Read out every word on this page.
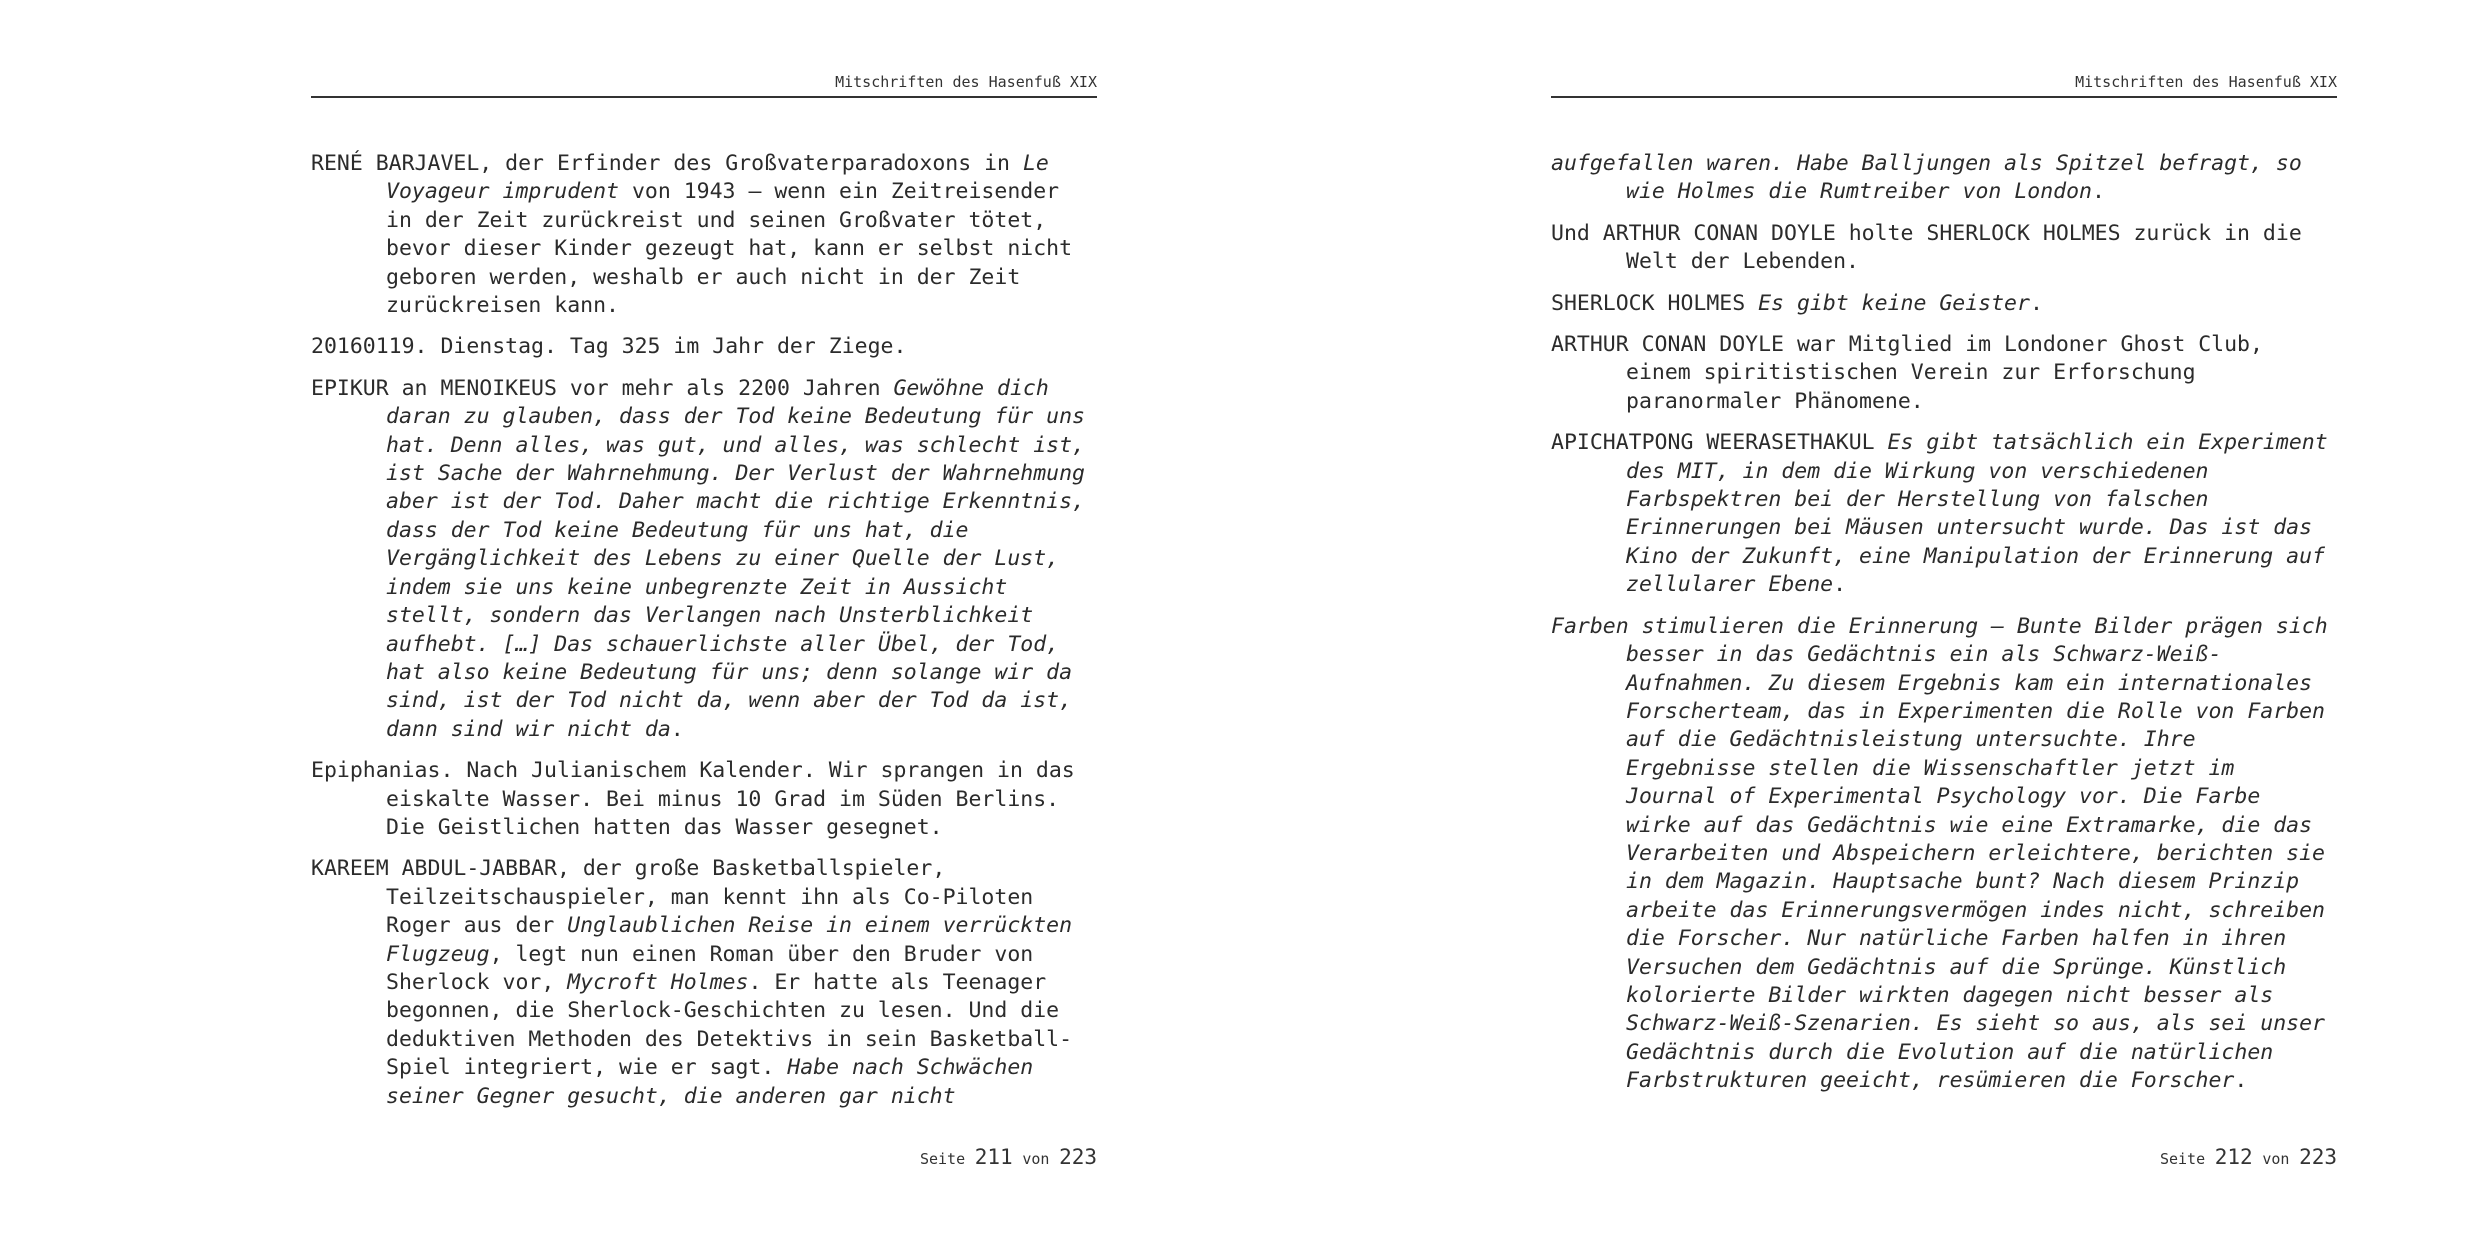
Mitschriften des Hasenfuß XIX

RENÉ BARJAVEL, der Erfinder des Großvaterparadoxons in Le Voyageur imprudent von 1943 – wenn ein Zeitreisender in der Zeit zurückreist und seinen Großvater tötet, bevor dieser Kinder gezeugt hat, kann er selbst nicht geboren werden, weshalb er auch nicht in der Zeit zurückreisen kann.

20160119. Dienstag. Tag 325 im Jahr der Ziege.

EPIKUR an MENOIKEUS vor mehr als 2200 Jahren Gewöhne dich daran zu glauben, dass der Tod keine Bedeutung für uns hat. Denn alles, was gut, und alles, was schlecht ist, ist Sache der Wahrnehmung. Der Verlust der Wahrnehmung aber ist der Tod. Daher macht die richtige Erkenntnis, dass der Tod keine Bedeutung für uns hat, die Vergänglichkeit des Lebens zu einer Quelle der Lust, indem sie uns keine unbegrenzte Zeit in Aussicht stellt, sondern das Verlangen nach Unsterblichkeit aufhebt. […] Das schauerlichste aller Übel, der Tod, hat also keine Bedeutung für uns; denn solange wir da sind, ist der Tod nicht da, wenn aber der Tod da ist, dann sind wir nicht da.

Epiphanias. Nach Julianischem Kalender. Wir sprangen in das eiskalte Wasser. Bei minus 10 Grad im Süden Berlins. Die Geistlichen hatten das Wasser gesegnet.

KAREEM ABDUL-JABBAR, der große Basketballspieler, Teilzeitschauspieler, man kennt ihn als Co-Piloten Roger aus der Unglaublichen Reise in einem verrückten Flugzeug, legt nun einen Roman über den Bruder von Sherlock vor, Mycroft Holmes. Er hatte als Teenager begonnen, die Sherlock-Geschichten zu lesen. Und die deduktiven Methoden des Detektivs in sein Basketball-Spiel integriert, wie er sagt. Habe nach Schwächen seiner Gegner gesucht, die anderen gar nicht

Seite 211 von 223
Mitschriften des Hasenfuß XIX

aufgefallen waren. Habe Balljungen als Spitzel befragt, so wie Holmes die Rumtreiber von London.

Und ARTHUR CONAN DOYLE holte SHERLOCK HOLMES zurück in die Welt der Lebenden.

SHERLOCK HOLMES Es gibt keine Geister.

ARTHUR CONAN DOYLE war Mitglied im Londoner Ghost Club, einem spiritistischen Verein zur Erforschung paranormaler Phänomene.

APICHATPONG WEERASETHAKUL Es gibt tatsächlich ein Experiment des MIT, in dem die Wirkung von verschiedenen Farbspektren bei der Herstellung von falschen Erinnerungen bei Mäusen untersucht wurde. Das ist das Kino der Zukunft, eine Manipulation der Erinnerung auf zellularer Ebene.

Farben stimulieren die Erinnerung – Bunte Bilder prägen sich besser in das Gedächtnis ein als Schwarz-Weiß-Aufnahmen. Zu diesem Ergebnis kam ein internationales Forscherteam, das in Experimenten die Rolle von Farben auf die Gedächtnisleistung untersuchte. Ihre Ergebnisse stellen die Wissenschaftler jetzt im Journal of Experimental Psychology vor. Die Farbe wirke auf das Gedächtnis wie eine Extramarke, die das Verarbeiten und Abspeichern erleichtere, berichten sie in dem Magazin. Hauptsache bunt? Nach diesem Prinzip arbeite das Erinnerungsvermögen indes nicht, schreiben die Forscher. Nur natürliche Farben halfen in ihren Versuchen dem Gedächtnis auf die Sprünge. Künstlich kolorierte Bilder wirkten dagegen nicht besser als Schwarz-Weiß-Szenarien. Es sieht so aus, als sei unser Gedächtnis durch die Evolution auf die natürlichen Farbstrukturen geeicht, resümieren die Forscher.

Seite 212 von 223
